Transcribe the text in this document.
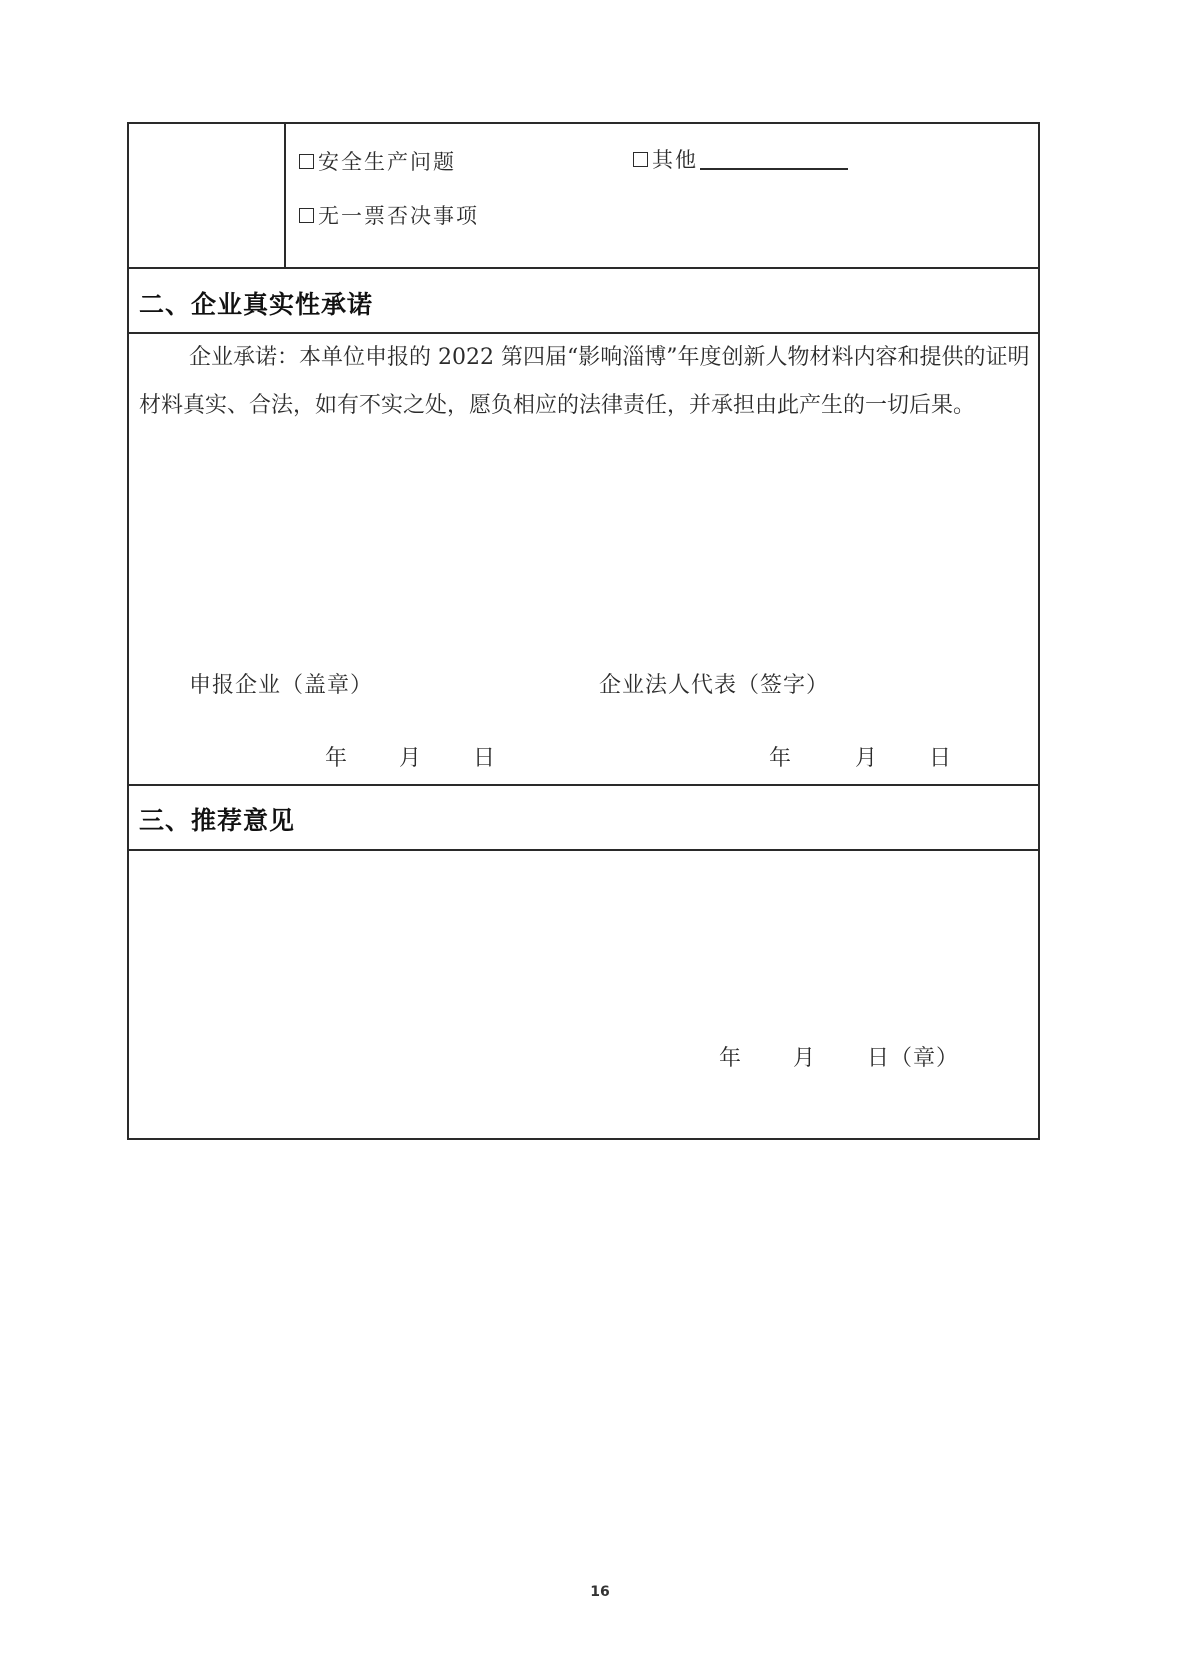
安全生产问题	其他
无一票否决事项
二、企业真实性承诺

企业承诺：本单位申报的 2022 第四届“影响淄博”年度创新人物材料内容和提供的证明材料真实、合法，如有不实之处，愿负相应的法律责任，并承担由此产生的一切后果。

申报企业（盖章）	企业法人代表（签字）
年 月 日	年	月 日
三、推荐意见
年 月 日（章）
16
